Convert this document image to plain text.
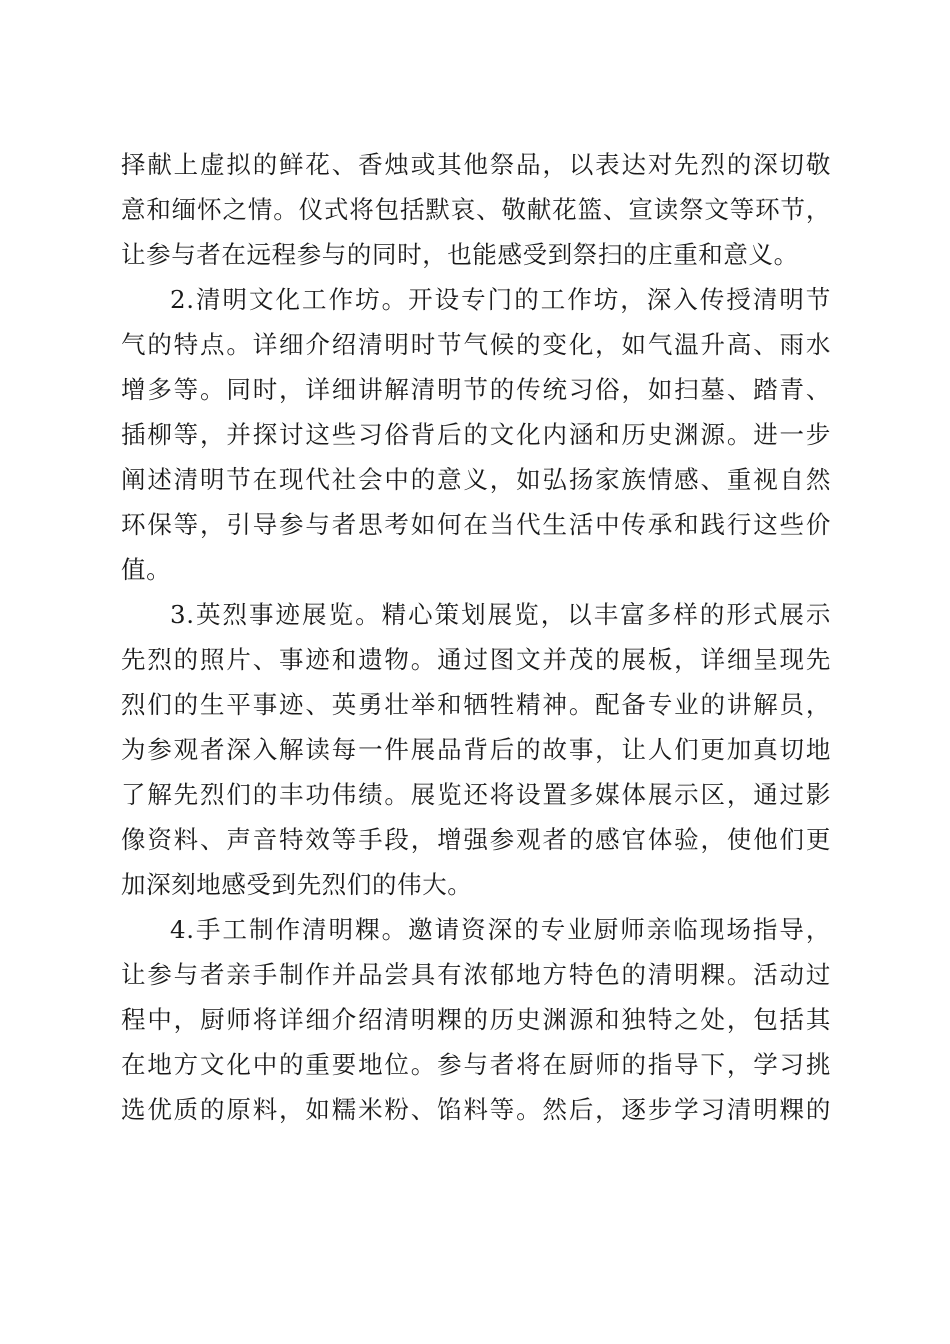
择献上虚拟的鲜花、香烛或其他祭品，以表达对先烈的深切敬
意和缅怀之情。仪式将包括默哀、敬献花篮、宣读祭文等环节，
让参与者在远程参与的同时，也能感受到祭扫的庄重和意义。
2.清明文化工作坊。开设专门的工作坊，深入传授清明节
气的特点。详细介绍清明时节气候的变化，如气温升高、雨水
增多等。同时，详细讲解清明节的传统习俗，如扫墓、踏青、
插柳等，并探讨这些习俗背后的文化内涵和历史渊源。进一步
阐述清明节在现代社会中的意义，如弘扬家族情感、重视自然
环保等，引导参与者思考如何在当代生活中传承和践行这些价
值。
3.英烈事迹展览。精心策划展览，以丰富多样的形式展示
先烈的照片、事迹和遗物。通过图文并茂的展板，详细呈现先
烈们的生平事迹、英勇壮举和牺牲精神。配备专业的讲解员，
为参观者深入解读每一件展品背后的故事，让人们更加真切地
了解先烈们的丰功伟绩。展览还将设置多媒体展示区，通过影
像资料、声音特效等手段，增强参观者的感官体验，使他们更
加深刻地感受到先烈们的伟大。
4.手工制作清明粿。邀请资深的专业厨师亲临现场指导，
让参与者亲手制作并品尝具有浓郁地方特色的清明粿。活动过
程中，厨师将详细介绍清明粿的历史渊源和独特之处，包括其
在地方文化中的重要地位。参与者将在厨师的指导下，学习挑
选优质的原料，如糯米粉、馅料等。然后，逐步学习清明粿的
